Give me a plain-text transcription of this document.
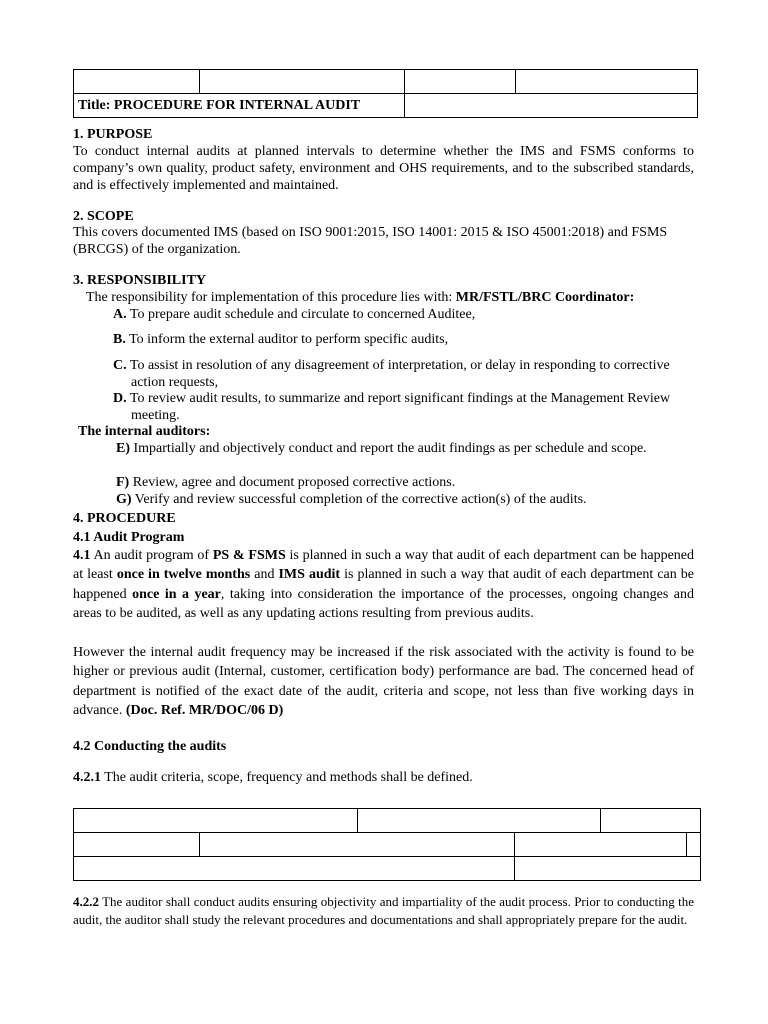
Title: PROCEDURE FOR INTERNAL AUDIT			
1. PURPOSE
To conduct internal audits at planned intervals to determine whether the IMS and FSMS conforms to company’s own quality, product safety, environment and OHS requirements, and to the subscribed standards, and is effectively implemented and maintained.
2. SCOPE
This covers documented IMS (based on ISO 9001:2015, ISO 14001: 2015 & ISO 45001:2018) and FSMS (BRCGS) of the organization.
3. RESPONSIBILITY
The responsibility for implementation of this procedure lies with: MR/FSTL/BRC Coordinator:
A. To prepare audit schedule and circulate to concerned Auditee,
B. To inform the external auditor to perform specific audits,
C. To assist in resolution of any disagreement of interpretation, or delay in responding to corrective action requests,
D. To review audit results, to summarize and report significant findings at the Management Review meeting.
The internal auditors:
E) Impartially and objectively conduct and report the audit findings as per schedule and scope.
F) Review, agree and document proposed corrective actions.
G) Verify and review successful completion of the corrective action(s) of the audits.
4. PROCEDURE
4.1 Audit Program
4.1 An audit program of PS & FSMS is planned in such a way that audit of each department can be happened at least once in twelve months and IMS audit is planned in such a way that audit of each department can be happened once in a year, taking into consideration the importance of the processes, ongoing changes and areas to be audited, as well as any updating actions resulting from previous audits.
However the internal audit frequency may be increased if the risk associated with the activity is found to be higher or previous audit (Internal, customer, certification body) performance are bad. The concerned head of department is notified of the exact date of the audit, criteria and scope, not less than five working days in advance. (Doc. Ref. MR/DOC/06 D)
4.2 Conducting the audits
4.2.1 The audit criteria, scope, frequency and methods shall be defined.

4.2.2 The auditor shall conduct audits ensuring objectivity and impartiality of the audit process. Prior to conducting the audit, the auditor shall study the relevant procedures and documentations and shall appropriately prepare for the audit.
